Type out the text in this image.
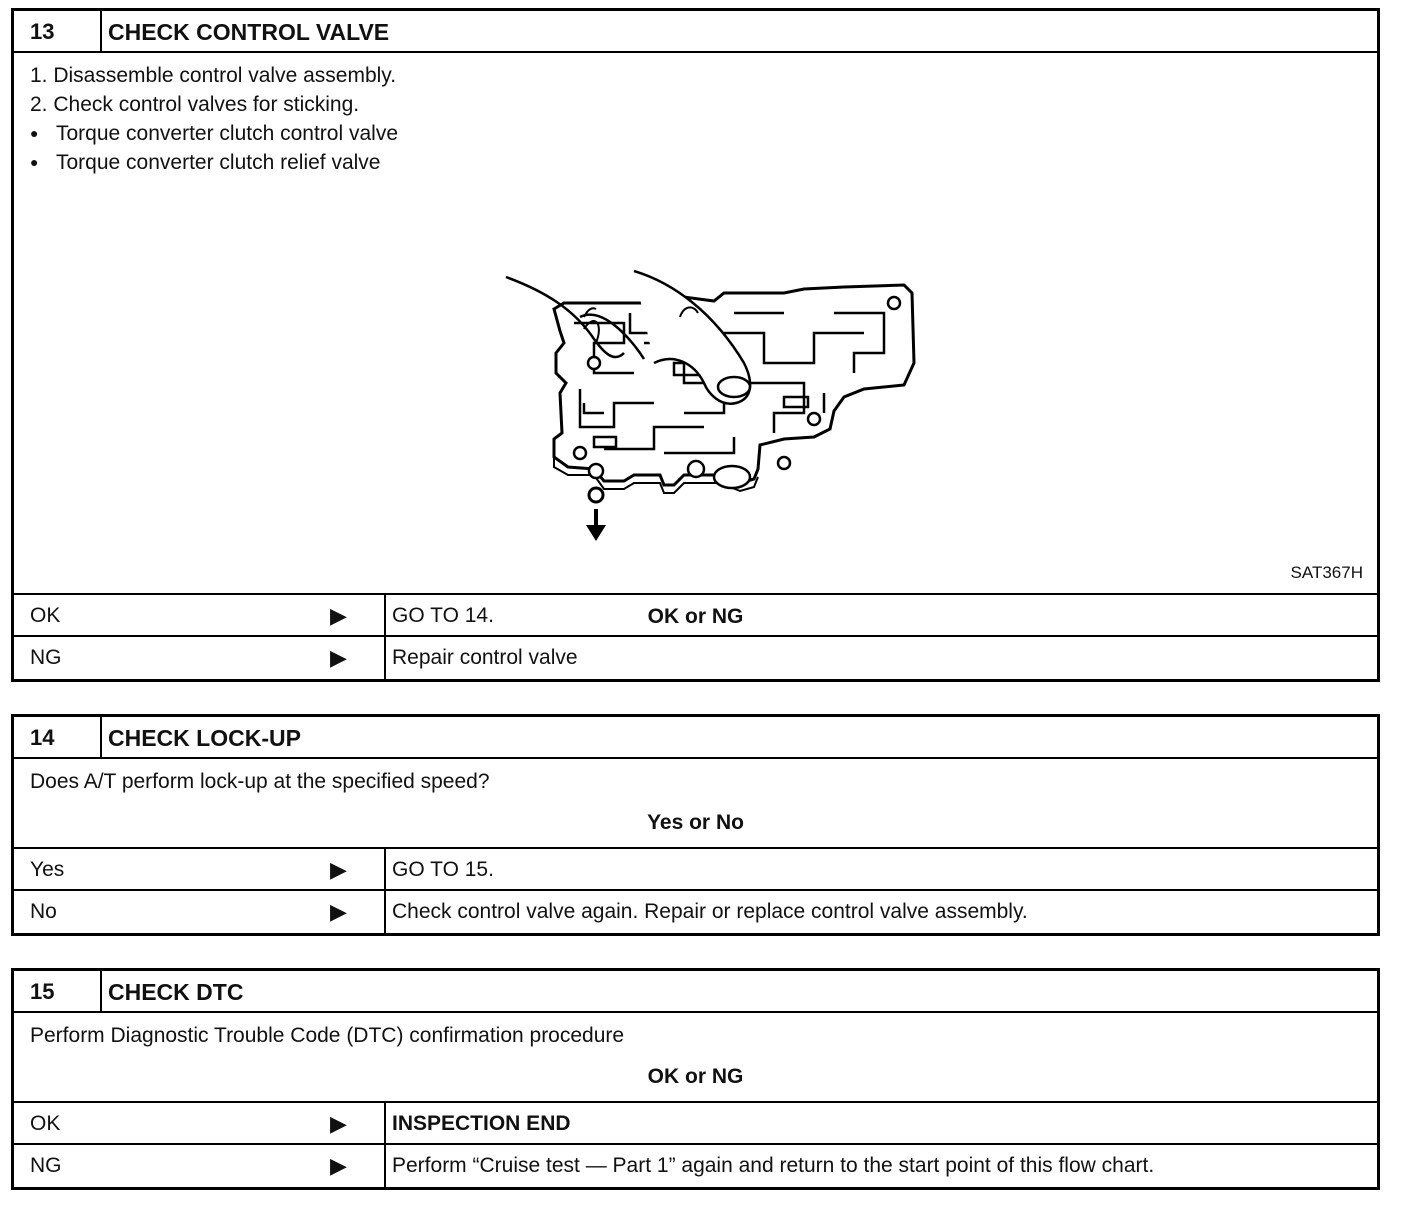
13	CHECK CONTROL VALVE
1. Disassemble control valve assembly.
2. Check control valves for sticking.
● Torque converter clutch control valve
● Torque converter clutch relief valve
SAT367H
OK or NG
OK	▶ GO TO 14.
NG	▶ Repair control valve
14	CHECK LOCK-UP
Does A/T perform lock-up at the specified speed?
Yes or No
Yes	▶ GO TO 15.
No	▶ Check control valve again. Repair or replace control valve assembly.
15	CHECK DTC
Perform Diagnostic Trouble Code (DTC) confirmation procedure
OK or NG
OK	▶ INSPECTION END
NG	▶ Perform “Cruise test — Part 1” again and return to the start point of this flow chart.
